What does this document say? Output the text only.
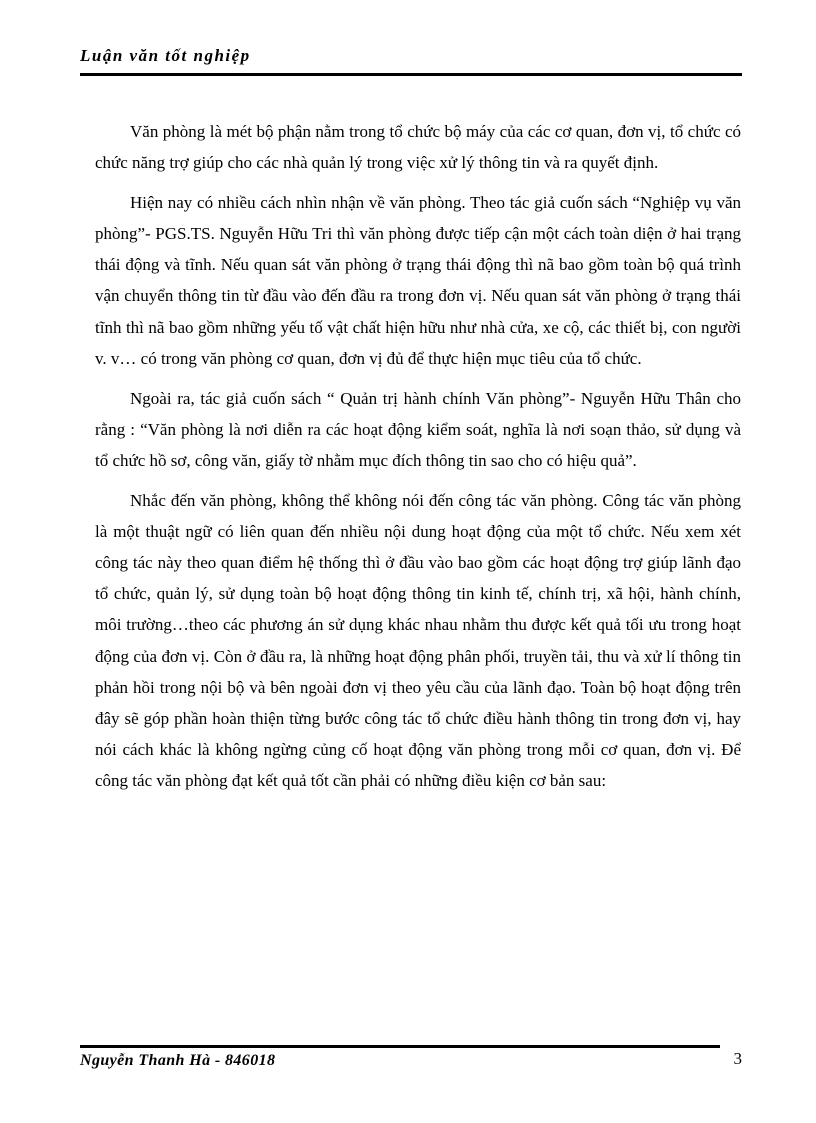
Luận văn tốt nghiệp

Văn phòng là mét bộ phận nằm trong tổ chức bộ máy của các cơ quan, đơn vị, tổ chức có chức năng trợ giúp cho các nhà quản lý trong việc xử lý thông tin và ra quyết định.

Hiện nay có nhiều cách nhìn nhận về văn phòng. Theo tác giả cuốn sách “Nghiệp vụ văn phòng”- PGS.TS. Nguyễn Hữu Tri thì văn phòng được tiếp cận một cách toàn diện ở hai trạng thái động và tĩnh. Nếu quan sát văn phòng ở trạng thái động thì nã bao gồm toàn bộ quá trình vận chuyển thông tin từ đầu vào đến đầu ra trong đơn vị. Nếu quan sát văn phòng ở trạng thái tĩnh thì nã bao gồm những yếu tố vật chất hiện hữu như nhà cửa, xe cộ, các thiết bị, con người v. v… có trong văn phòng cơ quan, đơn vị đủ để thực hiện mục tiêu của tổ chức.

Ngoài ra, tác giả cuốn sách “ Quản trị hành chính Văn phòng”- Nguyễn Hữu Thân cho rằng : “Văn phòng là nơi diễn ra các hoạt động kiểm soát, nghĩa là nơi soạn thảo, sử dụng và tổ chức hồ sơ, công văn, giấy tờ nhằm mục đích thông tin sao cho có hiệu quả”.

Nhắc đến văn phòng, không thể không nói đến công tác văn phòng. Công tác văn phòng là một thuật ngữ có liên quan đến nhiều nội dung hoạt động của một tổ chức. Nếu xem xét công tác này theo quan điểm hệ thống thì ở đầu vào bao gồm các hoạt động trợ giúp lãnh đạo tổ chức, quản lý, sử dụng toàn bộ hoạt động thông tin kinh tế, chính trị, xã hội, hành chính, môi trường…theo các phương án sử dụng khác nhau nhằm thu được kết quả tối ưu trong hoạt động của đơn vị. Còn ở đầu ra, là những hoạt động phân phối, truyền tải, thu và xử lí thông tin phản hồi trong nội bộ và bên ngoài đơn vị theo yêu cầu của lãnh đạo. Toàn bộ hoạt động trên đây sẽ góp phần hoàn thiện từng bước công tác tổ chức điều hành thông tin trong đơn vị, hay nói cách khác là không ngừng củng cố hoạt động văn phòng trong mỗi cơ quan, đơn vị. Để công tác văn phòng đạt kết quả tốt cần phải có những điều kiện cơ bản sau:

Nguyễn Thanh Hà - 846018	3
